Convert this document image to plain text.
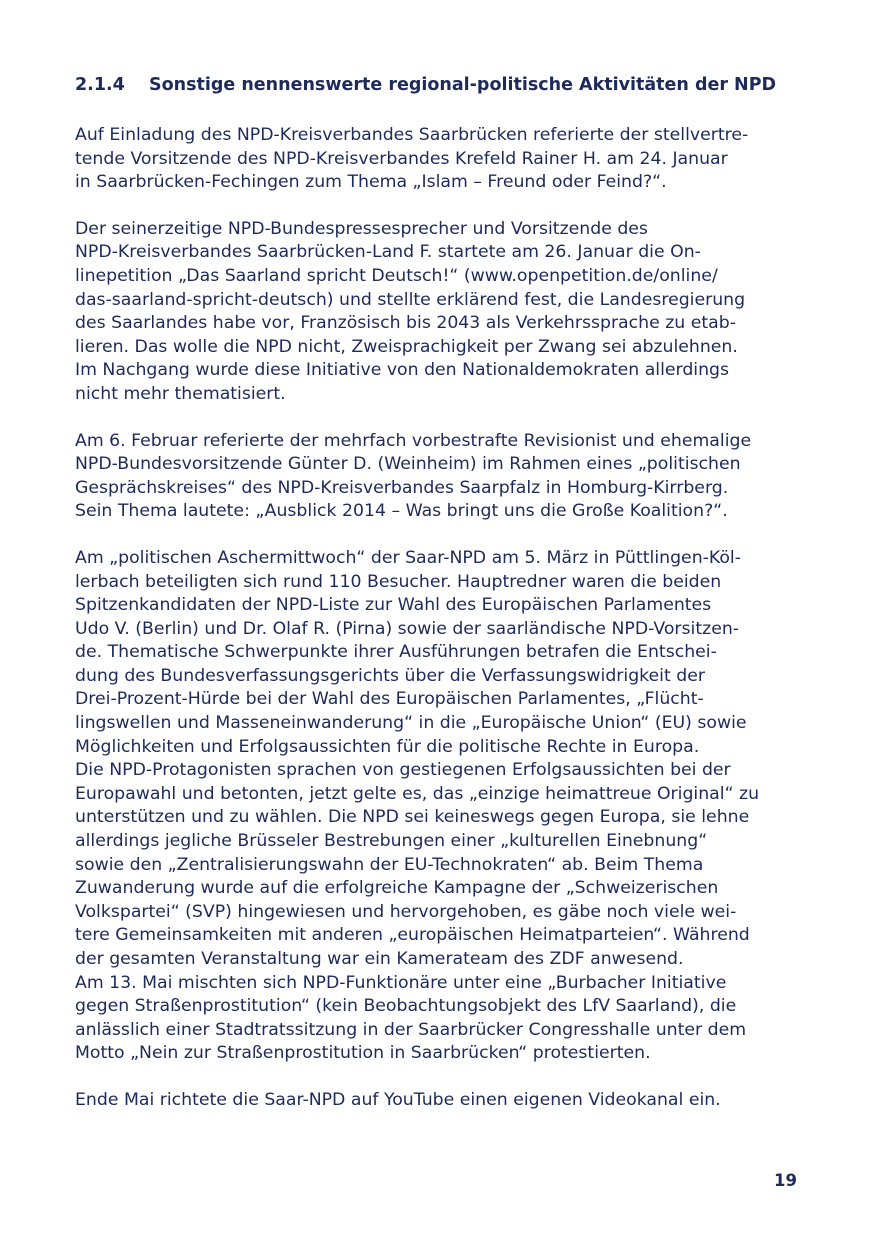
2.1.4	Sonstige nennenswerte regional-politische Aktivitäten der NPD

Auf Einladung des NPD-Kreisverbandes Saarbrücken referierte der stellvertre-
tende Vorsitzende des NPD-Kreisverbandes Krefeld Rainer H. am 24. Januar
in Saarbrücken-Fechingen zum Thema „Islam – Freund oder Feind?“.

Der seinerzeitige NPD-Bundespressesprecher und Vorsitzende des
NPD-Kreisverbandes Saarbrücken-Land F. startete am 26. Januar die On-
linepetition „Das Saarland spricht Deutsch!“ (www.openpetition.de/online/
das-saarland-spricht-deutsch) und stellte erklärend fest, die Landesregierung
des Saarlandes habe vor, Französisch bis 2043 als Verkehrssprache zu etab-
lieren. Das wolle die NPD nicht, Zweisprachigkeit per Zwang sei abzulehnen.
Im Nachgang wurde diese Initiative von den Nationaldemokraten allerdings
nicht mehr thematisiert.

Am 6. Februar referierte der mehrfach vorbestrafte Revisionist und ehemalige
NPD-Bundesvorsitzende Günter D. (Weinheim) im Rahmen eines „politischen
Gesprächskreises“ des NPD-Kreisverbandes Saarpfalz in Homburg-Kirrberg.
Sein Thema lautete: „Ausblick 2014 – Was bringt uns die Große Koalition?“.

Am „politischen Aschermittwoch“ der Saar-NPD am 5. März in Püttlingen-Köl-
lerbach beteiligten sich rund 110 Besucher. Hauptredner waren die beiden
Spitzenkandidaten der NPD-Liste zur Wahl des Europäischen Parlamentes
Udo V. (Berlin) und Dr. Olaf R. (Pirna) sowie der saarländische NPD-Vorsitzen-
de. Thematische Schwerpunkte ihrer Ausführungen betrafen die Entschei-
dung des Bundesverfassungsgerichts über die Verfassungswidrigkeit der
Drei-Prozent-Hürde bei der Wahl des Europäischen Parlamentes, „Flücht-
lingswellen und Masseneinwanderung“ in die „Europäische Union“ (EU) sowie
Möglichkeiten und Erfolgsaussichten für die politische Rechte in Europa.
Die NPD-Protagonisten sprachen von gestiegenen Erfolgsaussichten bei der
Europawahl und betonten, jetzt gelte es, das „einzige heimattreue Original“ zu
unterstützen und zu wählen. Die NPD sei keineswegs gegen Europa, sie lehne
allerdings jegliche Brüsseler Bestrebungen einer „kulturellen Einebnung“
sowie den „Zentralisierungswahn der EU-Technokraten“ ab. Beim Thema
Zuwanderung wurde auf die erfolgreiche Kampagne der „Schweizerischen
Volkspartei“ (SVP) hingewiesen und hervorgehoben, es gäbe noch viele wei-
tere Gemeinsamkeiten mit anderen „europäischen Heimatparteien“. Während
der gesamten Veranstaltung war ein Kamerateam des ZDF anwesend.
Am 13. Mai mischten sich NPD-Funktionäre unter eine „Burbacher Initiative
gegen Straßenprostitution“ (kein Beobachtungsobjekt des LfV Saarland), die
anlässlich einer Stadtratssitzung in der Saarbrücker Congresshalle unter dem
Motto „Nein zur Straßenprostitution in Saarbrücken“ protestierten.

Ende Mai richtete die Saar-NPD auf YouTube einen eigenen Videokanal ein.

19
